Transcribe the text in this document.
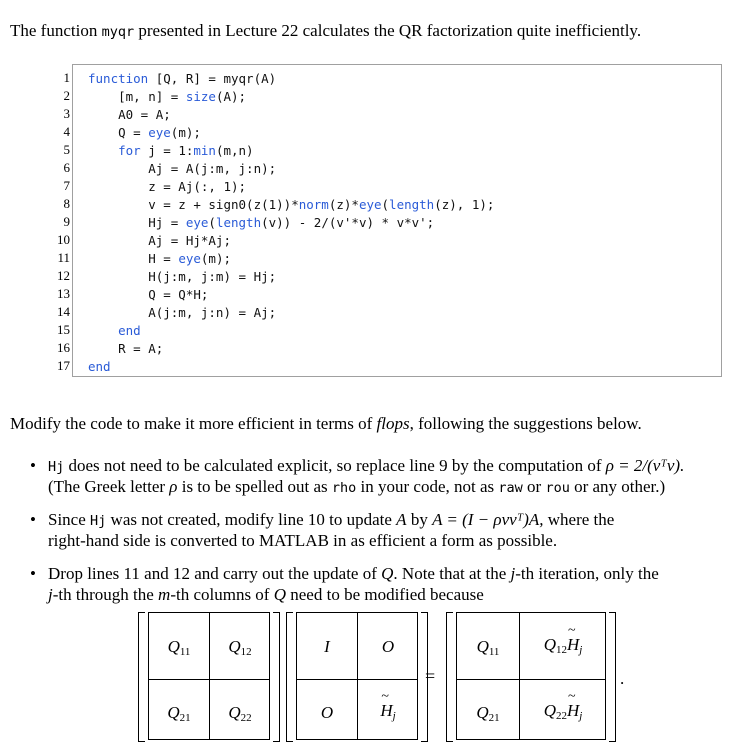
The function myqr presented in Lecture 22 calculates the QR factorization quite inefficiently.
1
2
3
4
5
6
7
8
9
10
11
12
13
14
15
16
17
function [Q, R] = myqr(A)
[m, n] = size(A);
A0 = A;
Q = eye(m);
for j = 1:min(m,n)
Aj = A(j:m, j:n);
z = Aj(:, 1);
v = z + sign0(z(1))*norm(z)*eye(length(z), 1);
Hj = eye(length(v)) - 2/(v'*v) * v*v';
Aj = Hj*Aj;
H = eye(m);
H(j:m, j:m) = Hj;
Q = Q*H;
A(j:m, j:n) = Aj;
end
R = A;
end
Modify the code to make it more efficient in terms of flops, following the suggestions below.
• Hj does not need to be calculated explicit, so replace line 9 by the computation of ρ = 2/(vᵀv).
(The Greek letter ρ is to be spelled out as rho in your code, not as raw or rou or any other.)
• Since Hj was not created, modify line 10 to update A by A = (I − ρvvᵀ)A, where the
right-hand side is converted to MATLAB in as efficient a form as possible.
• Drop lines 11 and 12 and carry out the update of Q. Note that at the j-th iteration, only the
j-th through the m-th columns of Q need to be modified because
$Q_{11}$	$Q_{12}$
$Q_{21}$	$Q_{22}$
I	O
O
~	Hj
=
$Q_{11}$	$Q_{12}\sim$ Hj
$Q_{21}$	$Q_{22}\sim$ Hj
.
